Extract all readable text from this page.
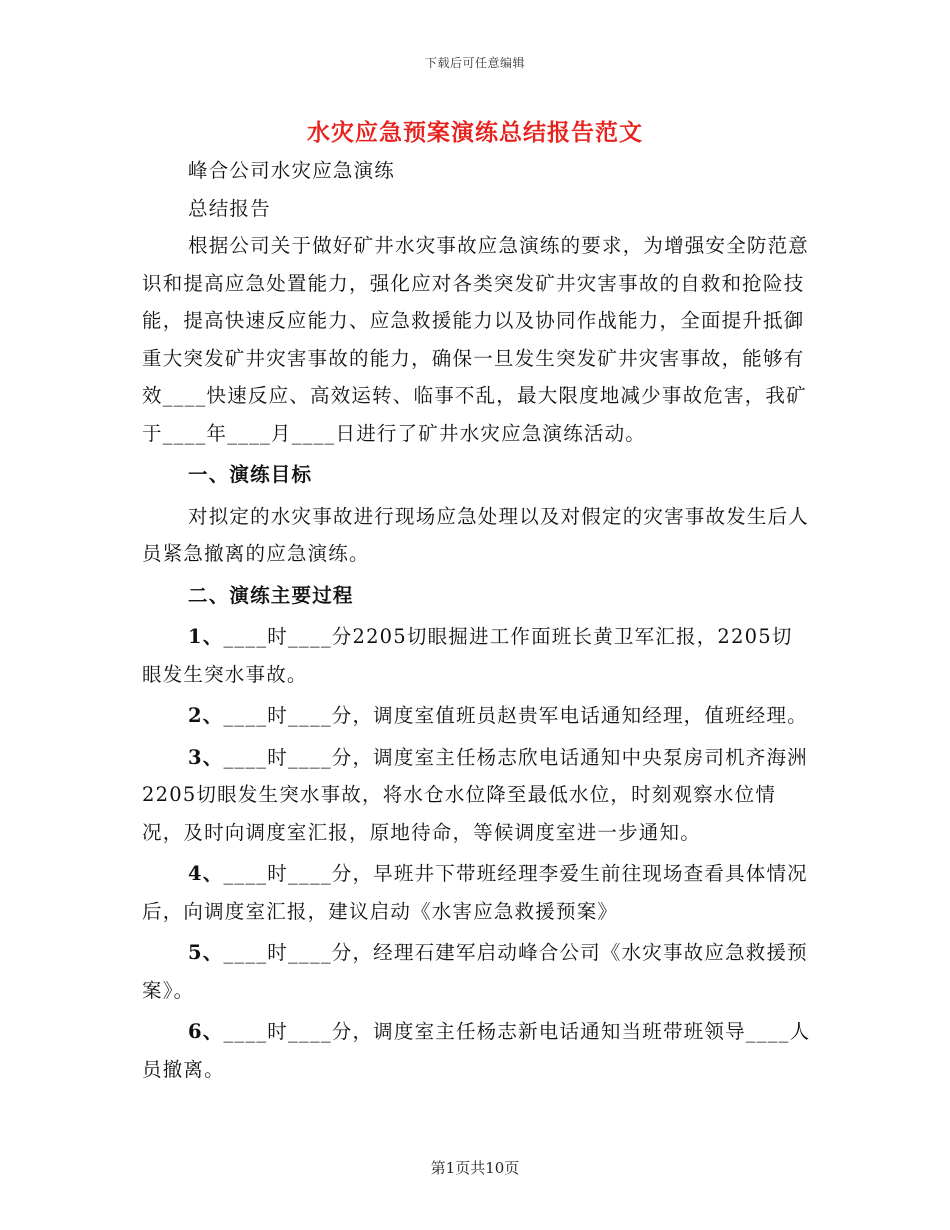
下载后可任意编辑
水灾应急预案演练总结报告范文

峰合公司水灾应急演练

总结报告

根据公司关于做好矿井水灾事故应急演练的要求，为增强安全防范意识和提高应急处置能力，强化应对各类突发矿井灾害事故的自救和抢险技能，提高快速反应能力、应急救援能力以及协同作战能力，全面提升抵御重大突发矿井灾害事故的能力，确保一旦发生突发矿井灾害事故，能够有效____快速反应、高效运转、临事不乱，最大限度地减少事故危害，我矿于____年____月____日进行了矿井水灾应急演练活动。

一、演练目标

对拟定的水灾事故进行现场应急处理以及对假定的灾害事故发生后人员紧急撤离的应急演练。

二、演练主要过程

1、____时____分2205切眼掘进工作面班长黄卫军汇报，2205切眼发生突水事故。

2、____时____分，调度室值班员赵贵军电话通知经理，值班经理。

3、____时____分，调度室主任杨志欣电话通知中央泵房司机齐海洲2205切眼发生突水事故，将水仓水位降至最低水位，时刻观察水位情况，及时向调度室汇报，原地待命，等候调度室进一步通知。

4、____时____分，早班井下带班经理李爱生前往现场查看具体情况后，向调度室汇报，建议启动《水害应急救援预案》

5、____时____分，经理石建军启动峰合公司《水灾事故应急救援预案》。

6、____时____分，调度室主任杨志新电话通知当班带班领导____人员撤离。

第1页共10页
